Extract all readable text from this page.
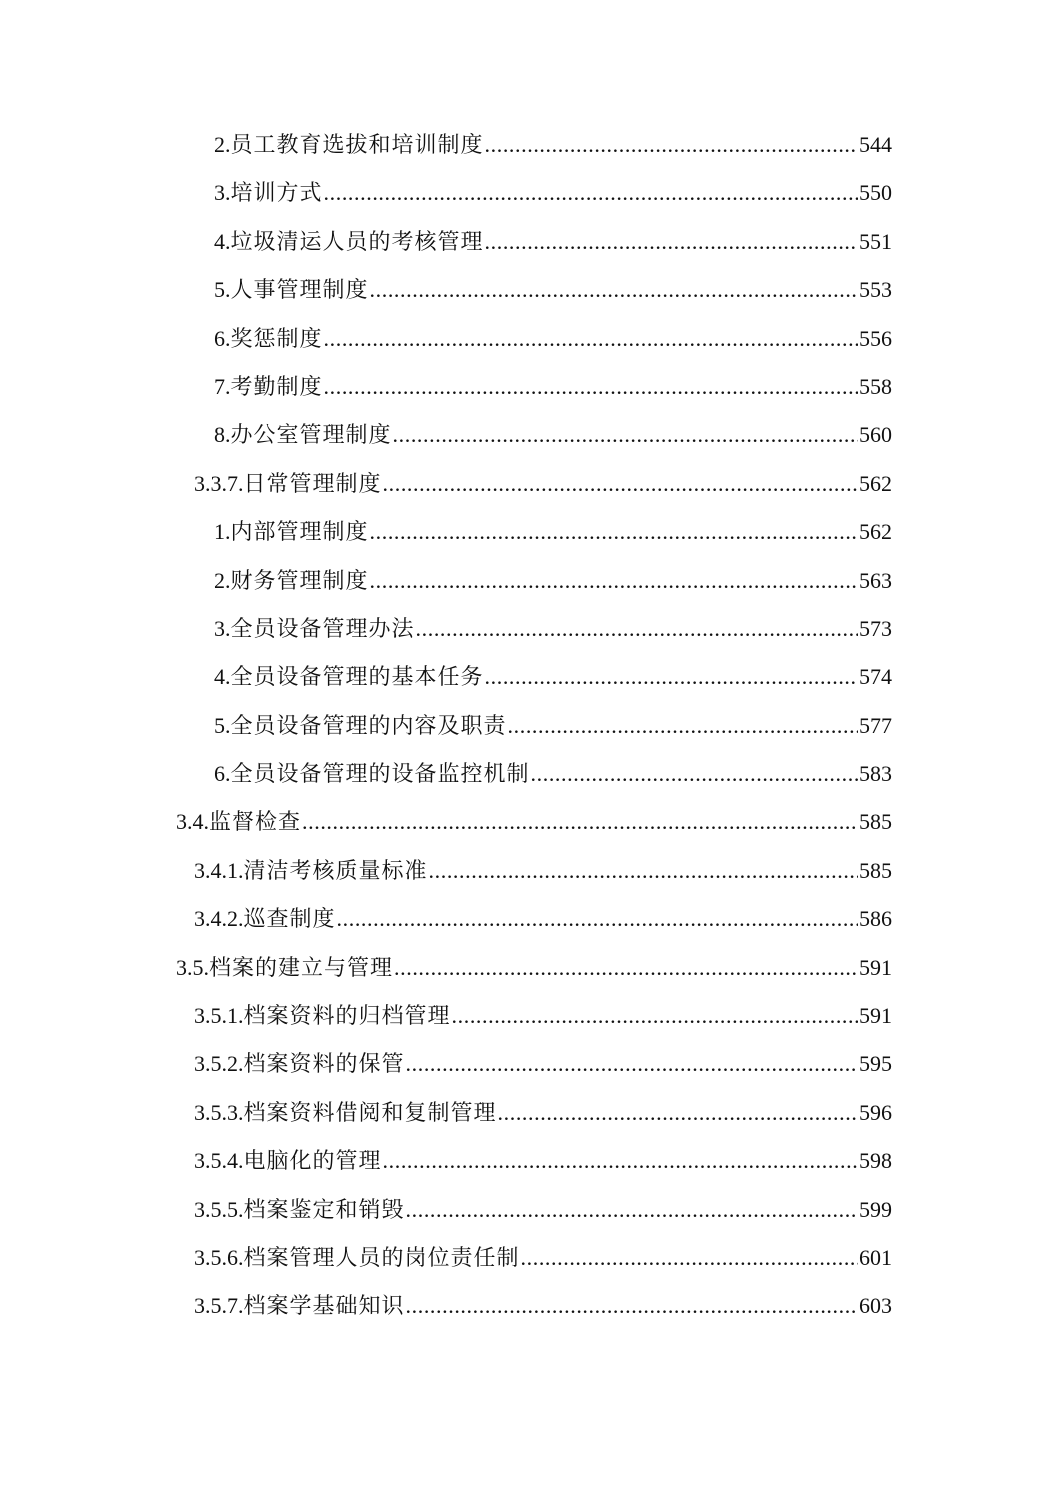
2. 员工教育选拔和培训制度 .....	544
3. 培训方式 .....	550
4. 垃圾清运人员的考核管理 .....	551
5. 人事管理制度 .....	553
6. 奖惩制度 .....	556
7. 考勤制度 .....	558
8. 办公室管理制度 .....	560
3.3.7. 日常管理制度 .....	562
1. 内部管理制度 .....	562
2. 财务管理制度 .....	563
3. 全员设备管理办法 .....	573
4. 全员设备管理的基本任务 .....	574
5. 全员设备管理的内容及职责 .....	577
6. 全员设备管理的设备监控机制 .....	583
3.4. 监督检查 .....	585
3.4.1. 清洁考核质量标准 .....	585
3.4.2. 巡查制度 .....	586
3.5. 档案的建立与管理 .....	591
3.5.1. 档案资料的归档管理 .....	591
3.5.2. 档案资料的保管 .....	595
3.5.3. 档案资料借阅和复制管理 .....	596
3.5.4. 电脑化的管理 .....	598
3.5.5. 档案鉴定和销毁 .....	599
3.5.6. 档案管理人员的岗位责任制 .....	601
3.5.7. 档案学基础知识 .....	603
